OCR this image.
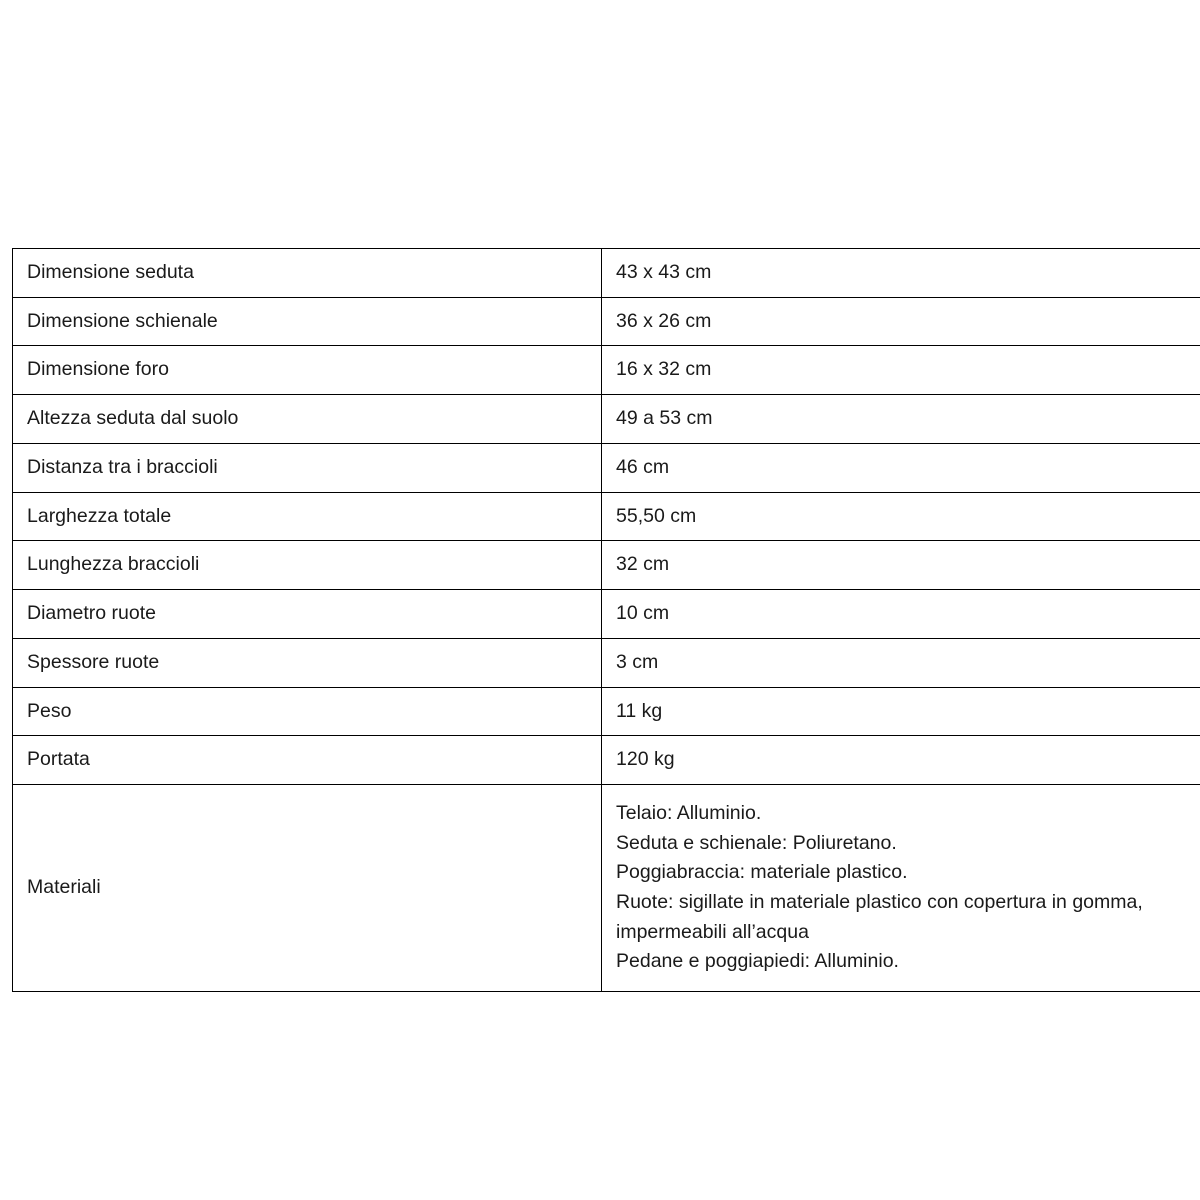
Dimensione seduta	43 x 43 cm
Dimensione schienale	36 x 26 cm
Dimensione foro	16 x 32 cm
Altezza seduta dal suolo	49 a 53 cm
Distanza tra i braccioli	46 cm
Larghezza totale	55,50 cm
Lunghezza braccioli	32 cm
Diametro ruote	10 cm
Spessore ruote	3 cm
Peso	11 kg
Portata	120 kg
Materiali	Telaio: Alluminio.
Seduta e schienale: Poliuretano.
Poggiabraccia: materiale plastico.
Ruote: sigillate in materiale plastico con copertura in gomma, impermeabili all’acqua
Pedane e poggiapiedi: Alluminio.
